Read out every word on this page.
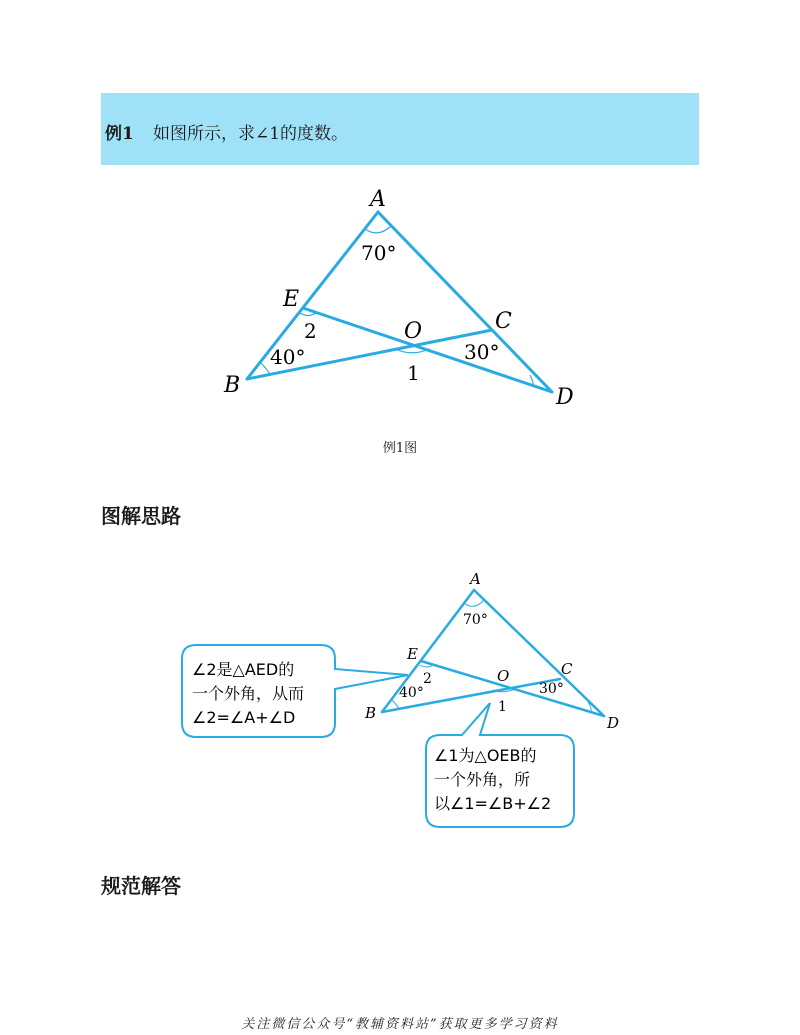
例1 如图所示，求∠1的度数。
A
E
B
O	C
D
70°
40°	30°
2
1
例1图
图解思路
A
E
B
O	C
D
70°
40°	30°
2
1
∠2是△AED的
一个外角，从而
∠2=∠A+∠D
∠1为△OEB的
一个外角，所
以∠1=∠B+∠2
规范解答
关注微信公众号“教辅资料站”获取更多学习资料
